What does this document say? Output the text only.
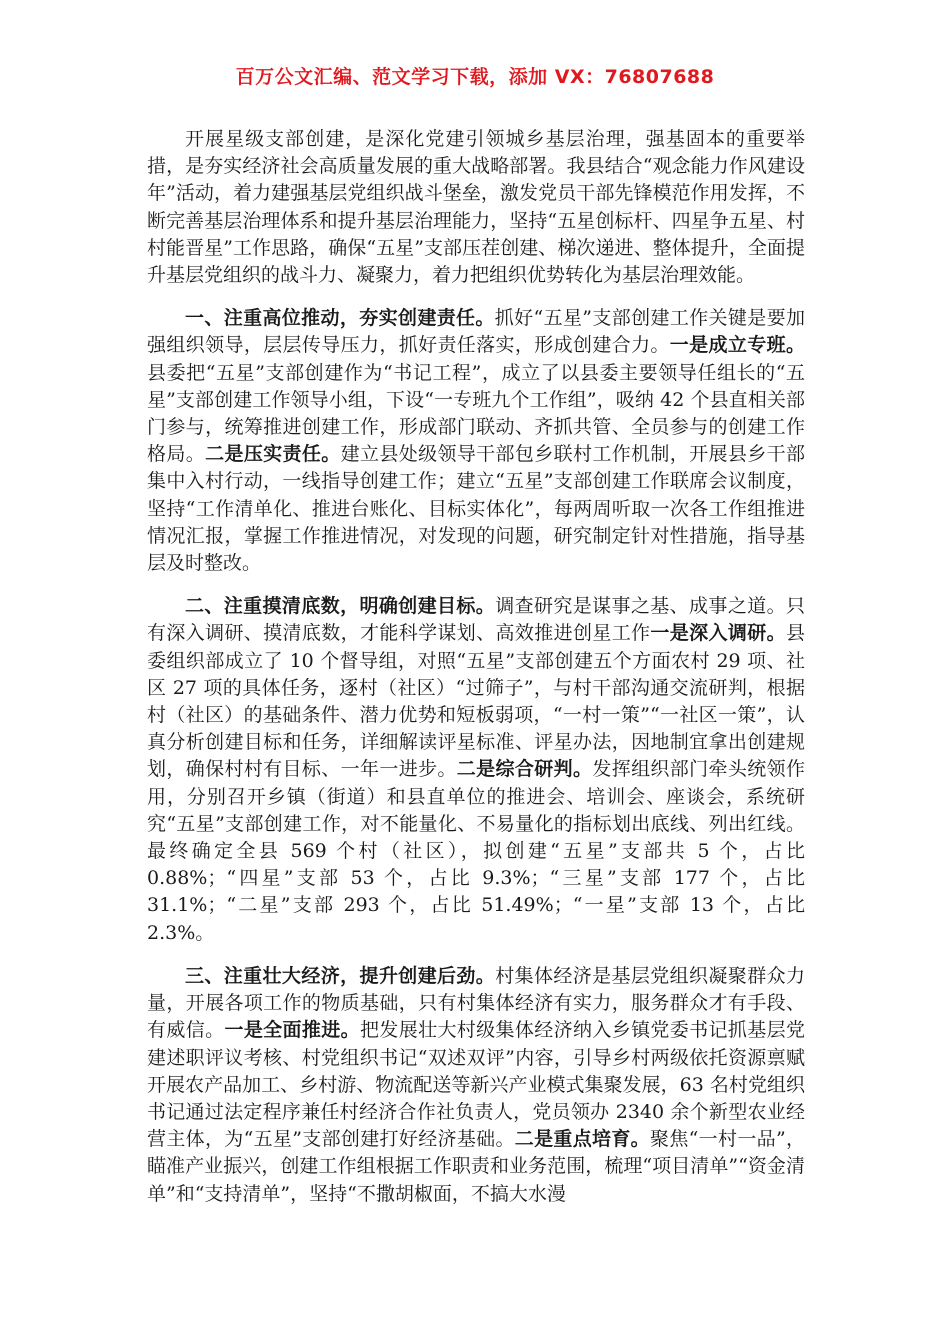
百万公文汇编、范文学习下载，添加 VX：76807688

开展星级支部创建，是深化党建引领城乡基层治理，强基固本的重要举措，是夯实经济社会高质量发展的重大战略部署。我县结合“观念能力作风建设年”活动，着力建强基层党组织战斗堡垒，激发党员干部先锋模范作用发挥，不断完善基层治理体系和提升基层治理能力，坚持“五星创标杆、四星争五星、村村能晋星”工作思路，确保“五星”支部压茬创建、梯次递进、整体提升，全面提升基层党组织的战斗力、凝聚力，着力把组织优势转化为基层治理效能。

一、注重高位推动，夯实创建责任。抓好“五星”支部创建工作关键是要加强组织领导，层层传导压力，抓好责任落实，形成创建合力。一是成立专班。县委把“五星”支部创建作为“书记工程”，成立了以县委主要领导任组长的“五星”支部创建工作领导小组，下设“一专班九个工作组”，吸纳 42 个县直相关部门参与，统筹推进创建工作，形成部门联动、齐抓共管、全员参与的创建工作格局。二是压实责任。建立县处级领导干部包乡联村工作机制，开展县乡干部集中入村行动，一线指导创建工作；建立“五星”支部创建工作联席会议制度，坚持“工作清单化、推进台账化、目标实体化”，每两周听取一次各工作组推进情况汇报，掌握工作推进情况，对发现的问题，研究制定针对性措施，指导基层及时整改。

二、注重摸清底数，明确创建目标。调查研究是谋事之基、成事之道。只有深入调研、摸清底数，才能科学谋划、高效推进创星工作一是深入调研。县委组织部成立了 10 个督导组，对照“五星”支部创建五个方面农村 29 项、社区 27 项的具体任务，逐村（社区）“过筛子”，与村干部沟通交流研判，根据村（社区）的基础条件、潜力优势和短板弱项，“一村一策”“一社区一策”，认真分析创建目标和任务，详细解读评星标准、评星办法，因地制宜拿出创建规划，确保村村有目标、一年一进步。二是综合研判。发挥组织部门牵头统领作用，分别召开乡镇（街道）和县直单位的推进会、培训会、座谈会，系统研究“五星”支部创建工作，对不能量化、不易量化的指标划出底线、列出红线。最终确定全县 569 个村（社区），拟创建“五星”支部共 5 个，占比 0.88%；“四星”支部 53 个，占比 9.3%；“三星”支部 177 个，占比 31.1%；“二星”支部 293 个，占比 51.49%；“一星”支部 13 个，占比 2.3%。

三、注重壮大经济，提升创建后劲。村集体经济是基层党组织凝聚群众力量，开展各项工作的物质基础，只有村集体经济有实力，服务群众才有手段、有威信。一是全面推进。把发展壮大村级集体经济纳入乡镇党委书记抓基层党建述职评议考核、村党组织书记“双述双评”内容，引导乡村两级依托资源禀赋开展农产品加工、乡村游、物流配送等新兴产业模式集聚发展，63 名村党组织书记通过法定程序兼任村经济合作社负责人，党员领办 2340 余个新型农业经营主体，为“五星”支部创建打好经济基础。二是重点培育。聚焦“一村一品”，瞄准产业振兴，创建工作组根据工作职责和业务范围，梳理“项目清单”“资金清单”和“支持清单”，坚持“不撒胡椒面，不搞大水漫
